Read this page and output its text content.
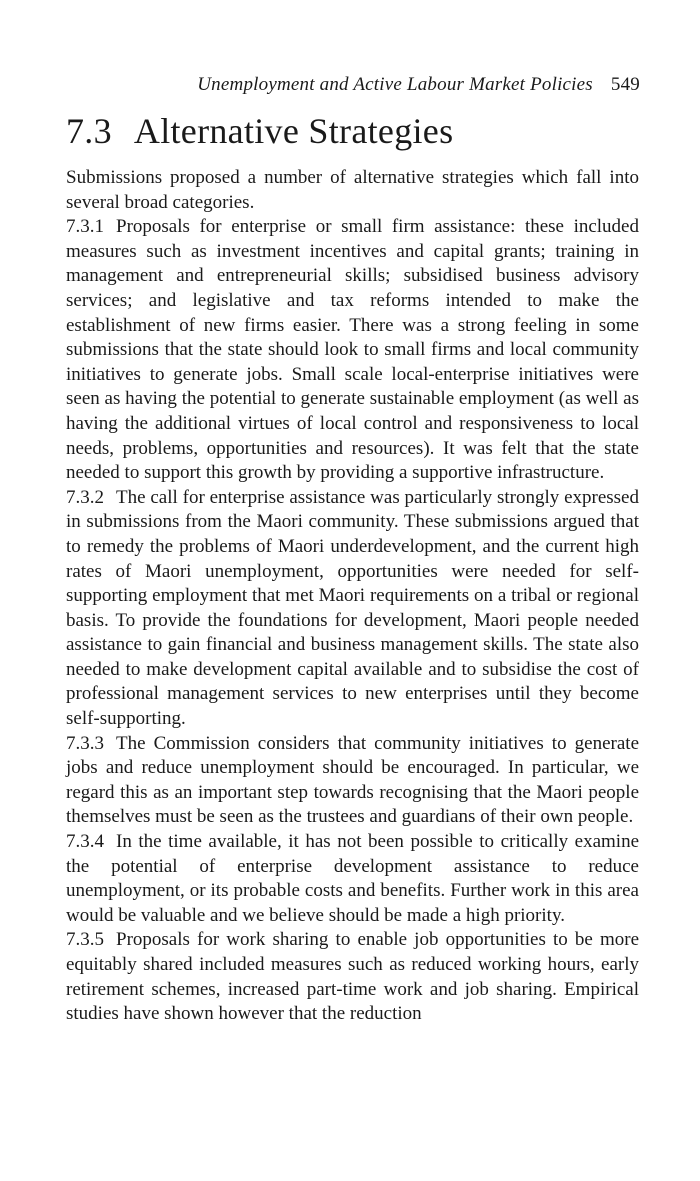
Unemployment and Active Labour Market Policies 549
7.3 Alternative Strategies

Submissions proposed a number of alternative strategies which fall into several broad categories.

7.3.1 Proposals for enterprise or small firm assistance: these included measures such as investment incentives and capital grants; training in management and entrepreneurial skills; subsidised business advisory services; and legislative and tax reforms intended to make the establishment of new firms easier. There was a strong feeling in some submissions that the state should look to small firms and local community initiatives to generate jobs. Small scale local-enterprise initiatives were seen as having the potential to generate sustainable employment (as well as having the additional virtues of local control and responsiveness to local needs, problems, opportunities and resources). It was felt that the state needed to support this growth by providing a supportive infrastructure.

7.3.2 The call for enterprise assistance was particularly strongly expressed in submissions from the Maori community. These submissions argued that to remedy the problems of Maori underdevelopment, and the current high rates of Maori unemployment, opportunities were needed for self-supporting employment that met Maori requirements on a tribal or regional basis. To provide the foundations for development, Maori people needed assistance to gain financial and business management skills. The state also needed to make development capital available and to subsidise the cost of professional management services to new enterprises until they become self-supporting.

7.3.3 The Commission considers that community initiatives to generate jobs and reduce unemployment should be encouraged. In particular, we regard this as an important step towards recognising that the Maori people themselves must be seen as the trustees and guardians of their own people.

7.3.4 In the time available, it has not been possible to critically examine the potential of enterprise development assistance to reduce unemployment, or its probable costs and benefits. Further work in this area would be valuable and we believe should be made a high priority.

7.3.5 Proposals for work sharing to enable job opportunities to be more equitably shared included measures such as reduced working hours, early retirement schemes, increased part-time work and job sharing. Empirical studies have shown however that the reduction
